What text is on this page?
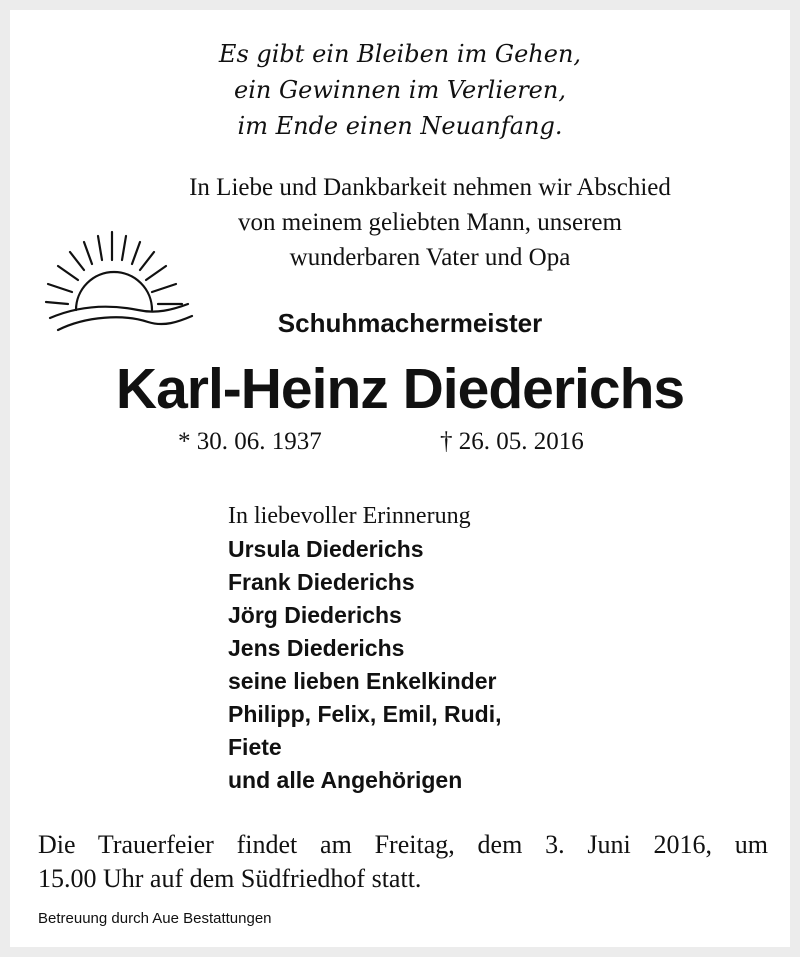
Es gibt ein Bleiben im Gehen,
ein Gewinnen im Verlieren,
im Ende einen Neuanfang.
In Liebe und Dankbarkeit nehmen wir Abschied
von meinem geliebten Mann, unserem
wunderbaren Vater und Opa
Schuhmachermeister
Karl-Heinz Diederichs
* 30. 06. 1937	† 26. 05. 2016
In liebevoller Erinnerung
Ursula Diederichs
Frank Diederichs
Jörg Diederichs
Jens Diederichs
seine lieben Enkelkinder
Philipp, Felix, Emil, Rudi,
Fiete
und alle Angehörigen
Die Trauerfeier findet am Freitag, dem 3. Juni 2016, um
15.00 Uhr auf dem Südfriedhof statt.
Betreuung durch Aue Bestattungen
